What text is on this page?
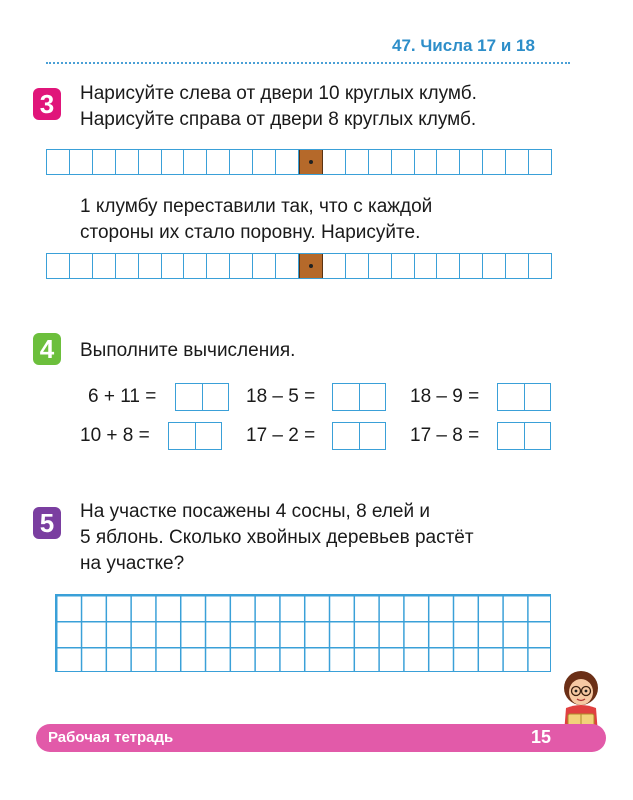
47. Числа 17 и 18
3	Нарисуйте слева от двери 10 круглых клумб.
Нарисуйте справа от двери 8 круглых клумб.
1 клумбу переставили так, что с каждой
стороны их стало поровну. Нарисуйте.
4	Выполните вычисления.
6 + 11 =	18 – 5 =	18 – 9 =
10 + 8 =	17 – 2 =	17 – 8 =
5	На участке посажены 4 сосны, 8 елей и
5 яблонь. Сколько хвойных деревьев растёт
на участке?
Рабочая тетрадь	15
